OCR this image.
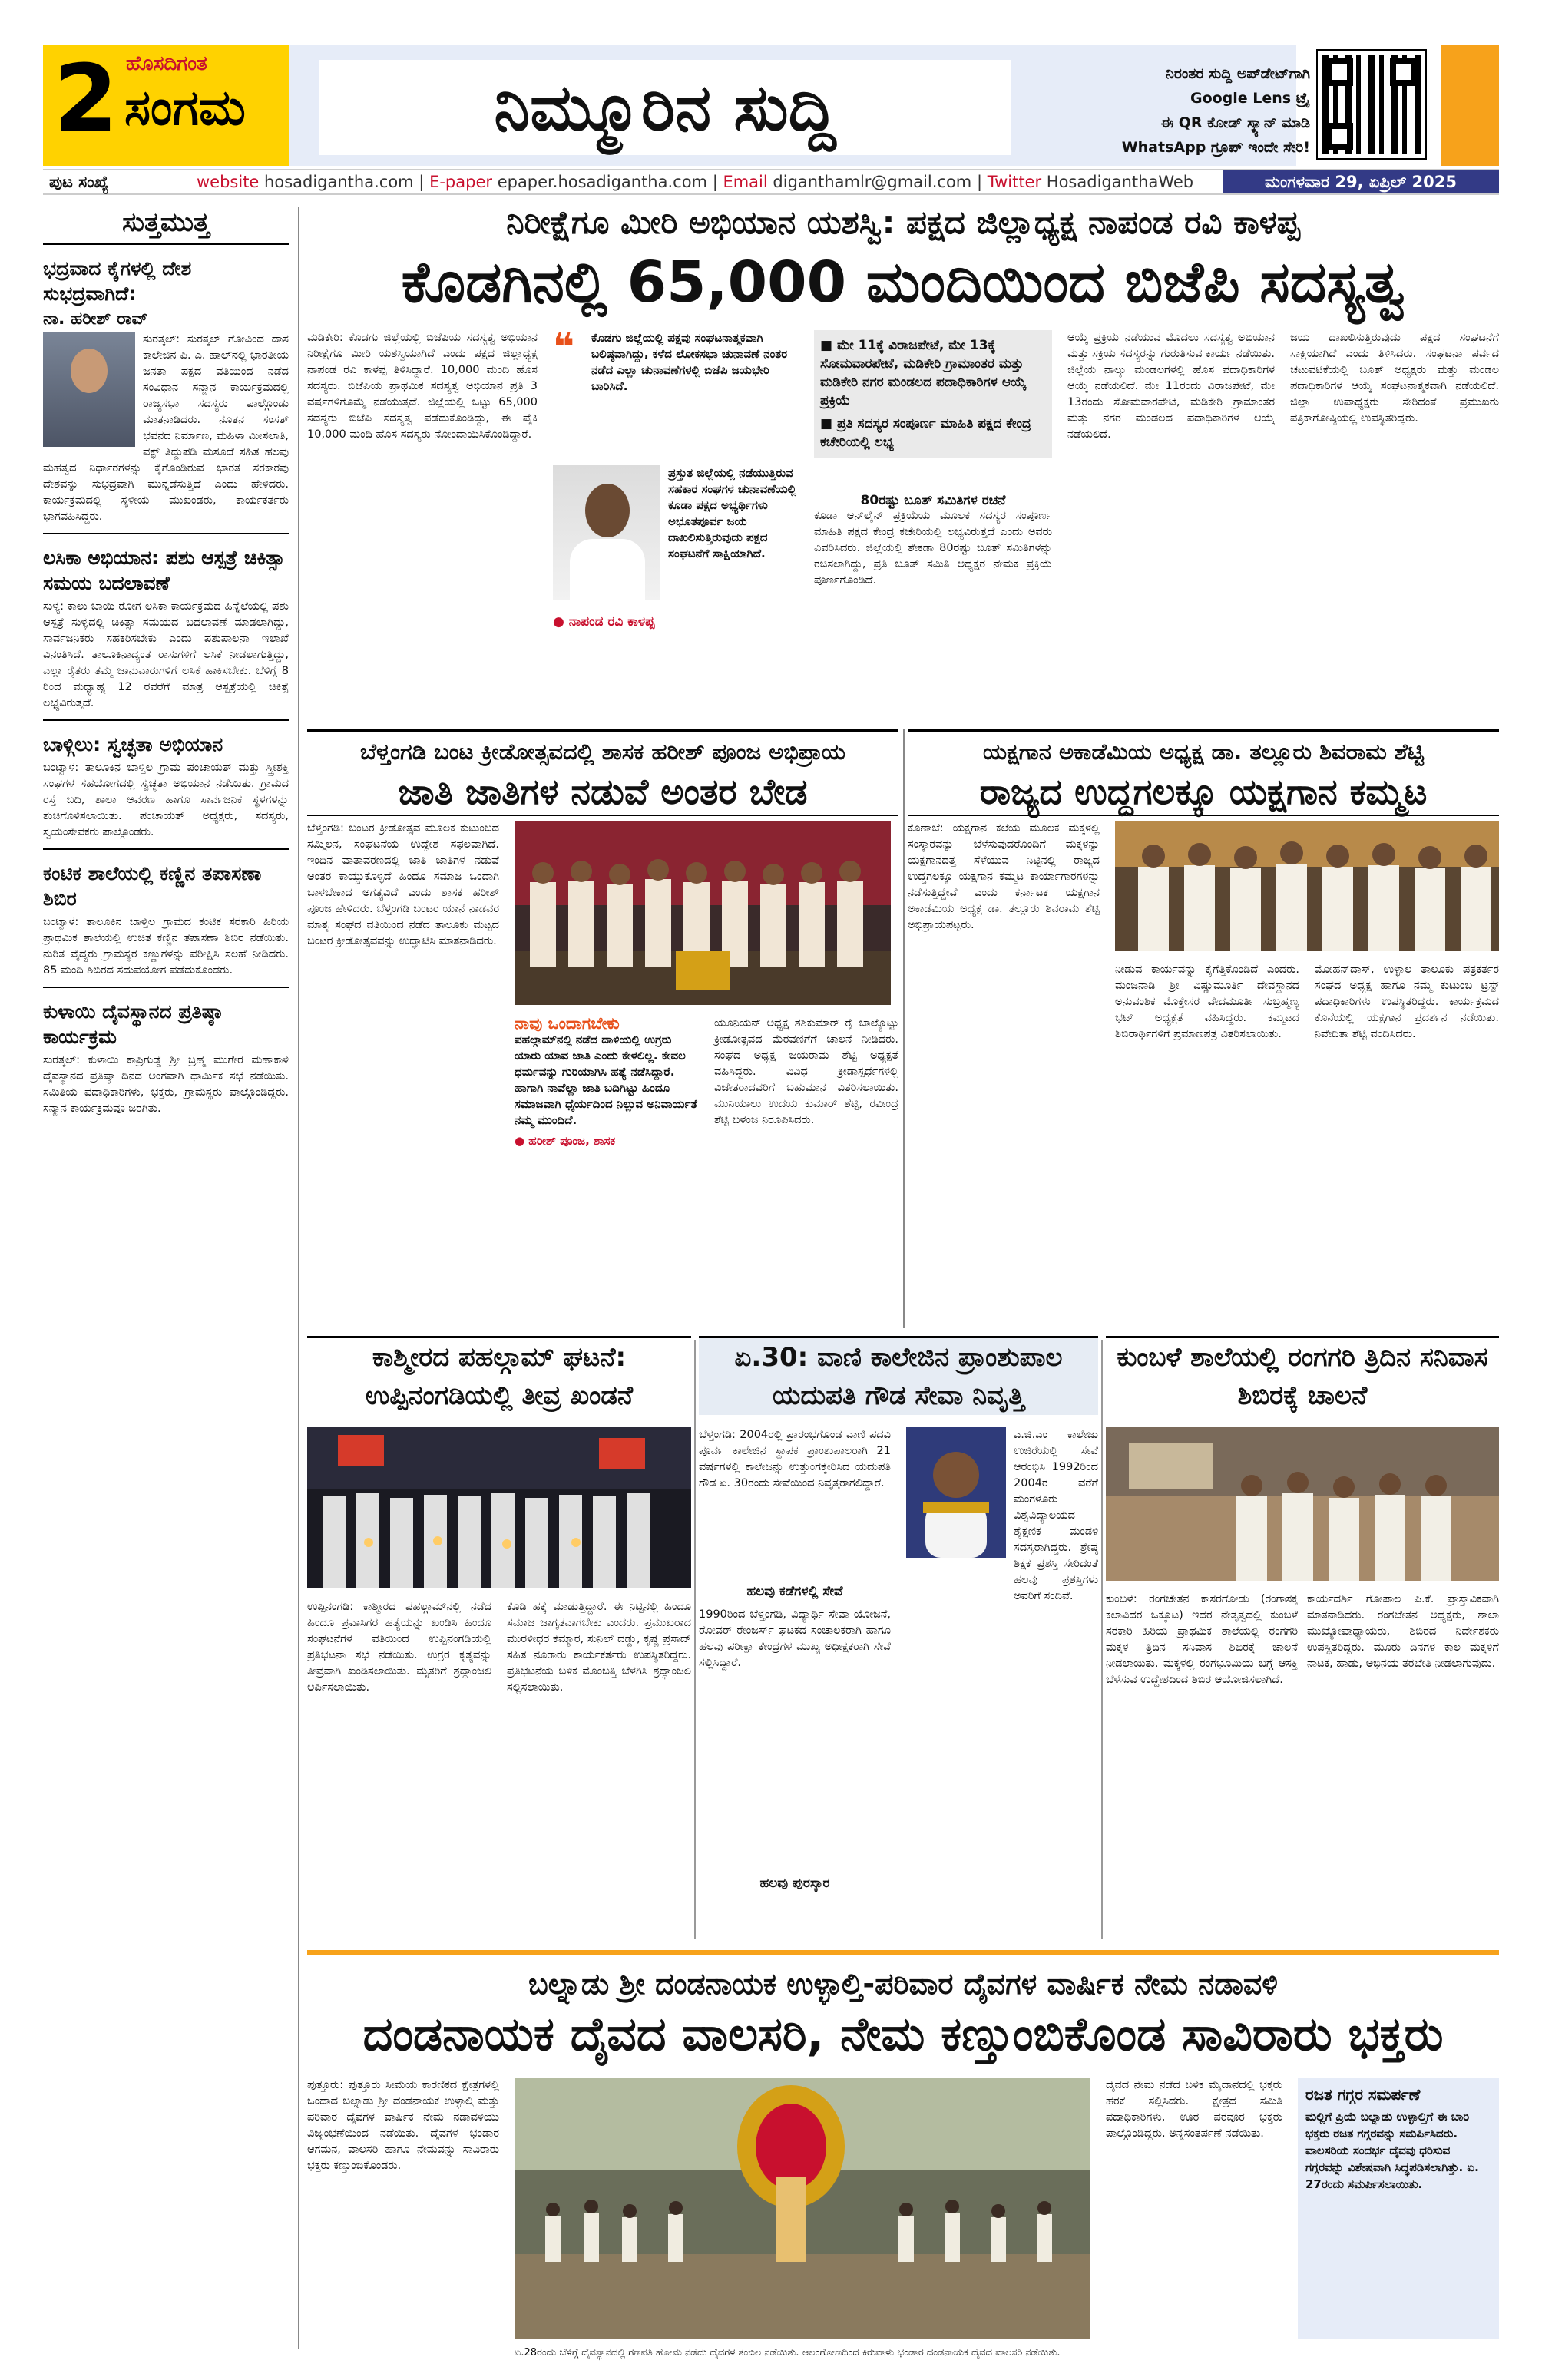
2 ಹೊಸದಿಗಂತ
ಸಂಗಮ	ನಿಮ್ಮೂರಿನ ಸುದ್ದಿ	ನಿರಂತರ ಸುದ್ದಿ ಅಪ್‌ಡೇಟ್‌ಗಾಗಿ
Google Lens ಟ್ರೈ
ಈ QR ಕೋಡ್ ಸ್ಕ್ಯಾನ್ ಮಾಡಿ
WhatsApp ಗ್ರೂಪ್ ಇಂದೇ ಸೇರಿ!
ಪುಟ ಸಂಖ್ಯೆ	website hosadigantha.com | E-paper epaper.hosadigantha.com | Email diganthamlr@gmail.com | Twitter HosadiganthaWeb	ಮಂಗಳವಾರ 29, ಏಪ್ರಿಲ್ 2025
ಸುತ್ತಮುತ್ತ
ಭದ್ರವಾದ ಕೈಗಳಲ್ಲಿ ದೇಶ ಸುಭದ್ರವಾಗಿದೆ:
ನಾ. ಹರೀಶ್ ರಾವ್

ಸುರತ್ಕಲ್: ಸುರತ್ಕಲ್ ಗೋವಿಂದ ದಾಸ ಕಾಲೇಜಿನ ಪಿ. ಎ. ಹಾಲ್‌ನಲ್ಲಿ ಭಾರತೀಯ ಜನತಾ ಪಕ್ಷದ ವತಿಯಿಂದ ನಡೆದ ಸಂವಿಧಾನ ಸನ್ಮಾನ ಕಾರ್ಯಕ್ರಮದಲ್ಲಿ ರಾಜ್ಯಸಭಾ ಸದಸ್ಯರು ಪಾಲ್ಗೊಂಡು ಮಾತನಾಡಿದರು. ನೂತನ ಸಂಸತ್ ಭವನದ ನಿರ್ಮಾಣ, ಮಹಿಳಾ ಮೀಸಲಾತಿ, ವಕ್ಫ್ ತಿದ್ದುಪಡಿ ಮಸೂದೆ ಸಹಿತ ಹಲವು ಮಹತ್ವದ ನಿರ್ಧಾರಗಳನ್ನು ಕೈಗೊಂಡಿರುವ ಭಾರತ ಸರಕಾರವು ದೇಶವನ್ನು ಸುಭದ್ರವಾಗಿ ಮುನ್ನಡೆಸುತ್ತಿದೆ ಎಂದು ಹೇಳಿದರು. ಕಾರ್ಯಕ್ರಮದಲ್ಲಿ ಸ್ಥಳೀಯ ಮುಖಂಡರು, ಕಾರ್ಯಕರ್ತರು ಭಾಗವಹಿಸಿದ್ದರು.

ಲಸಿಕಾ ಅಭಿಯಾನ: ಪಶು ಆಸ್ಪತ್ರೆ ಚಿಕಿತ್ಸಾ ಸಮಯ ಬದಲಾವಣೆ

ಸುಳ್ಯ: ಕಾಲು ಬಾಯಿ ರೋಗ ಲಸಿಕಾ ಕಾರ್ಯಕ್ರಮದ ಹಿನ್ನೆಲೆಯಲ್ಲಿ ಪಶು ಆಸ್ಪತ್ರೆ ಸುಳ್ಯದಲ್ಲಿ ಚಿಕಿತ್ಸಾ ಸಮಯದ ಬದಲಾವಣೆ ಮಾಡಲಾಗಿದ್ದು, ಸಾರ್ವಜನಿಕರು ಸಹಕರಿಸಬೇಕು ಎಂದು ಪಶುಪಾಲನಾ ಇಲಾಖೆ ವಿನಂತಿಸಿದೆ. ತಾಲೂಕಿನಾದ್ಯಂತ ರಾಸುಗಳಿಗೆ ಲಸಿಕೆ ನೀಡಲಾಗುತ್ತಿದ್ದು, ಎಲ್ಲಾ ರೈತರು ತಮ್ಮ ಜಾನುವಾರುಗಳಿಗೆ ಲಸಿಕೆ ಹಾಕಿಸಬೇಕು. ಬೆಳಿಗ್ಗೆ 8 ರಿಂದ ಮಧ್ಯಾಹ್ನ 12 ರವರೆಗೆ ಮಾತ್ರ ಆಸ್ಪತ್ರೆಯಲ್ಲಿ ಚಿಕಿತ್ಸೆ ಲಭ್ಯವಿರುತ್ತದೆ.

ಬಾಳ್ಗಿಲು: ಸ್ವಚ್ಛತಾ ಅಭಿಯಾನ

ಬಂಟ್ವಾಳ: ತಾಲೂಕಿನ ಬಾಳ್ತಿಲ ಗ್ರಾಮ ಪಂಚಾಯತ್ ಮತ್ತು ಸ್ತ್ರೀಶಕ್ತಿ ಸಂಘಗಳ ಸಹಯೋಗದಲ್ಲಿ ಸ್ವಚ್ಛತಾ ಅಭಿಯಾನ ನಡೆಯಿತು. ಗ್ರಾಮದ ರಸ್ತೆ ಬದಿ, ಶಾಲಾ ಆವರಣ ಹಾಗೂ ಸಾರ್ವಜನಿಕ ಸ್ಥಳಗಳನ್ನು ಶುಚಿಗೊಳಿಸಲಾಯಿತು. ಪಂಚಾಯತ್ ಅಧ್ಯಕ್ಷರು, ಸದಸ್ಯರು, ಸ್ವಯಂಸೇವಕರು ಪಾಲ್ಗೊಂಡರು.

ಕಂಟಿಕ ಶಾಲೆಯಲ್ಲಿ ಕಣ್ಣಿನ ತಪಾಸಣಾ ಶಿಬಿರ

ಬಂಟ್ವಾಳ: ತಾಲೂಕಿನ ಬಾಳ್ತಿಲ ಗ್ರಾಮದ ಕಂಟಿಕ ಸರಕಾರಿ ಹಿರಿಯ ಪ್ರಾಥಮಿಕ ಶಾಲೆಯಲ್ಲಿ ಉಚಿತ ಕಣ್ಣಿನ ತಪಾಸಣಾ ಶಿಬಿರ ನಡೆಯಿತು. ನುರಿತ ವೈದ್ಯರು ಗ್ರಾಮಸ್ಥರ ಕಣ್ಣುಗಳನ್ನು ಪರೀಕ್ಷಿಸಿ ಸಲಹೆ ನೀಡಿದರು. 85 ಮಂದಿ ಶಿಬಿರದ ಸದುಪಯೋಗ ಪಡೆದುಕೊಂಡರು.

ಕುಳಾಯಿ ದೈವಸ್ಥಾನದ ಪ್ರತಿಷ್ಠಾ ಕಾರ್ಯಕ್ರಮ

ಸುರತ್ಕಲ್: ಕುಳಾಯಿ ಕಾಪ್ರಿಗುಡ್ಡೆ ಶ್ರೀ ಬ್ರಹ್ಮ ಮುಗೇರ ಮಹಾಕಾಳಿ ದೈವಸ್ಥಾನದ ಪ್ರತಿಷ್ಠಾ ದಿನದ ಅಂಗವಾಗಿ ಧಾರ್ಮಿಕ ಸಭೆ ನಡೆಯಿತು. ಸಮಿತಿಯ ಪದಾಧಿಕಾರಿಗಳು, ಭಕ್ತರು, ಗ್ರಾಮಸ್ಥರು ಪಾಲ್ಗೊಂಡಿದ್ದರು. ಸನ್ಮಾನ ಕಾರ್ಯಕ್ರಮವೂ ಜರಗಿತು.

ನಿರೀಕ್ಷೆಗೂ ಮೀರಿ ಅಭಿಯಾನ ಯಶಸ್ವಿ: ಪಕ್ಷದ ಜಿಲ್ಲಾಧ್ಯಕ್ಷ ನಾಪಂಡ ರವಿ ಕಾಳಪ್ಪ
ಕೊಡಗಿನಲ್ಲಿ 65,000 ಮಂದಿಯಿಂದ ಬಿಜೆಪಿ ಸದಸ್ಯತ್ವ
ಮಡಿಕೇರಿ: ಕೊಡಗು ಜಿಲ್ಲೆಯಲ್ಲಿ ಬಿಜೆಪಿಯ ಸದಸ್ಯತ್ವ ಅಭಿಯಾನ ನಿರೀಕ್ಷೆಗೂ ಮೀರಿ ಯಶಸ್ವಿಯಾಗಿದೆ ಎಂದು ಪಕ್ಷದ ಜಿಲ್ಲಾಧ್ಯಕ್ಷ ನಾಪಂಡ ರವಿ ಕಾಳಪ್ಪ ತಿಳಿಸಿದ್ದಾರೆ. 10,000 ಮಂದಿ ಹೊಸ ಸದಸ್ಯರು. ಬಿಜೆಪಿಯ ಪ್ರಾಥಮಿಕ ಸದಸ್ಯತ್ವ ಅಭಿಯಾನ ಪ್ರತಿ 3 ವರ್ಷಗಳಿಗೊಮ್ಮೆ ನಡೆಯುತ್ತದೆ. ಜಿಲ್ಲೆಯಲ್ಲಿ ಒಟ್ಟು 65,000 ಸದಸ್ಯರು ಬಿಜೆಪಿ ಸದಸ್ಯತ್ವ ಪಡೆದುಕೊಂಡಿದ್ದು, ಈ ಪೈಕಿ 10,000 ಮಂದಿ ಹೊಸ ಸದಸ್ಯರು ನೋಂದಾಯಿಸಿಕೊಂಡಿದ್ದಾರೆ.
❝ ಕೊಡಗು ಜಿಲ್ಲೆಯಲ್ಲಿ ಪಕ್ಷವು ಸಂಘಟನಾತ್ಮಕವಾಗಿ ಬಲಿಷ್ಠವಾಗಿದ್ದು, ಕಳೆದ ಲೋಕಸಭಾ ಚುನಾವಣೆ ನಂತರ ನಡೆದ ಎಲ್ಲಾ ಚುನಾವಣೆಗಳಲ್ಲಿ ಬಿಜೆಪಿ ಜಯಭೇರಿ ಬಾರಿಸಿದೆ.
ಪ್ರಸ್ತುತ ಜಿಲ್ಲೆಯಲ್ಲಿ ನಡೆಯುತ್ತಿರುವ ಸಹಕಾರ ಸಂಘಗಳ ಚುನಾವಣೆಯಲ್ಲಿ ಕೂಡಾ ಪಕ್ಷದ ಅಭ್ಯರ್ಥಿಗಳು ಅಭೂತಪೂರ್ವ ಜಯ ದಾಖಲಿಸುತ್ತಿರುವುದು ಪಕ್ಷದ ಸಂಘಟನೆಗೆ ಸಾಕ್ಷಿಯಾಗಿದೆ.
● ನಾಪಂಡ ರವಿ ಕಾಳಪ್ಪ
■ ಮೇ 11ಕ್ಕೆ ವಿರಾಜಪೇಟೆ, ಮೇ 13ಕ್ಕೆ ಸೋಮವಾರಪೇಟೆ, ಮಡಿಕೇರಿ ಗ್ರಾಮಾಂತರ ಮತ್ತು ಮಡಿಕೇರಿ ನಗರ ಮಂಡಲದ ಪದಾಧಿಕಾರಿಗಳ ಆಯ್ಕೆ ಪ್ರಕ್ರಿಯೆ
■ ಪ್ರತಿ ಸದಸ್ಯರ ಸಂಪೂರ್ಣ ಮಾಹಿತಿ ಪಕ್ಷದ ಕೇಂದ್ರ ಕಚೇರಿಯಲ್ಲಿ ಲಭ್ಯ
80ರಷ್ಟು ಬೂತ್ ಸಮಿತಿಗಳ ರಚನೆ
ಕೂಡಾ ಆನ್‌ಲೈನ್ ಪ್ರಕ್ರಿಯೆಯ ಮೂಲಕ ಸದಸ್ಯರ ಸಂಪೂರ್ಣ ಮಾಹಿತಿ ಪಕ್ಷದ ಕೇಂದ್ರ ಕಚೇರಿಯಲ್ಲಿ ಲಭ್ಯವಿರುತ್ತದೆ ಎಂದು ಅವರು ವಿವರಿಸಿದರು. ಜಿಲ್ಲೆಯಲ್ಲಿ ಶೇಕಡಾ 80ರಷ್ಟು ಬೂತ್ ಸಮಿತಿಗಳನ್ನು ರಚಿಸಲಾಗಿದ್ದು, ಪ್ರತಿ ಬೂತ್ ಸಮಿತಿ ಅಧ್ಯಕ್ಷರ ನೇಮಕ ಪ್ರಕ್ರಿಯೆ ಪೂರ್ಣಗೊಂಡಿದೆ.
ಆಯ್ಕೆ ಪ್ರಕ್ರಿಯೆ ನಡೆಯುವ ಮೊದಲು ಸದಸ್ಯತ್ವ ಅಭಿಯಾನ ಮತ್ತು ಸಕ್ರಿಯ ಸದಸ್ಯರನ್ನು ಗುರುತಿಸುವ ಕಾರ್ಯ ನಡೆಯಿತು. ಜಿಲ್ಲೆಯ ನಾಲ್ಕು ಮಂಡಲಗಳಲ್ಲಿ ಹೊಸ ಪದಾಧಿಕಾರಿಗಳ ಆಯ್ಕೆ ನಡೆಯಲಿದೆ. ಮೇ 11ರಂದು ವಿರಾಜಪೇಟೆ, ಮೇ 13ರಂದು ಸೋಮವಾರಪೇಟೆ, ಮಡಿಕೇರಿ ಗ್ರಾಮಾಂತರ ಮತ್ತು ನಗರ ಮಂಡಲದ ಪದಾಧಿಕಾರಿಗಳ ಆಯ್ಕೆ ನಡೆಯಲಿದೆ.
ಜಯ ದಾಖಲಿಸುತ್ತಿರುವುದು ಪಕ್ಷದ ಸಂಘಟನೆಗೆ ಸಾಕ್ಷಿಯಾಗಿದೆ ಎಂದು ತಿಳಿಸಿದರು. ಸಂಘಟನಾ ಪರ್ವದ ಚಟುವಟಿಕೆಯಲ್ಲಿ ಬೂತ್ ಅಧ್ಯಕ್ಷರು ಮತ್ತು ಮಂಡಲ ಪದಾಧಿಕಾರಿಗಳ ಆಯ್ಕೆ ಸಂಘಟನಾತ್ಮಕವಾಗಿ ನಡೆಯಲಿದೆ. ಜಿಲ್ಲಾ ಉಪಾಧ್ಯಕ್ಷರು ಸೇರಿದಂತೆ ಪ್ರಮುಖರು ಪತ್ರಿಕಾಗೋಷ್ಠಿಯಲ್ಲಿ ಉಪಸ್ಥಿತರಿದ್ದರು.
ಬೆಳ್ತಂಗಡಿ ಬಂಟ ಕ್ರೀಡೋತ್ಸವದಲ್ಲಿ ಶಾಸಕ ಹರೀಶ್ ಪೂಂಜ ಅಭಿಪ್ರಾಯ
ಜಾತಿ ಜಾತಿಗಳ ನಡುವೆ ಅಂತರ ಬೇಡ
ಬೆಳ್ತಂಗಡಿ: ಬಂಟರ ಕ್ರೀಡೋತ್ಸವ ಮೂಲಕ ಕುಟುಂಬದ ಸಮ್ಮಿಲನ, ಸಂಘಟನೆಯ ಉದ್ದೇಶ ಸಫಲವಾಗಿದೆ. ಇಂದಿನ ವಾತಾವರಣದಲ್ಲಿ ಜಾತಿ ಜಾತಿಗಳ ನಡುವೆ ಅಂತರ ಕಾಯ್ದುಕೊಳ್ಳದೆ ಹಿಂದೂ ಸಮಾಜ ಒಂದಾಗಿ ಬಾಳಬೇಕಾದ ಅಗತ್ಯವಿದೆ ಎಂದು ಶಾಸಕ ಹರೀಶ್ ಪೂಂಜ ಹೇಳಿದರು. ಬೆಳ್ತಂಗಡಿ ಬಂಟರ ಯಾನೆ ನಾಡವರ ಮಾತೃ ಸಂಘದ ವತಿಯಿಂದ ನಡೆದ ತಾಲೂಕು ಮಟ್ಟದ ಬಂಟರ ಕ್ರೀಡೋತ್ಸವವನ್ನು ಉದ್ಘಾಟಿಸಿ ಮಾತನಾಡಿದರು.
ನಾವು ಒಂದಾಗಬೇಕು
ಪಹಲ್ಗಾಮ್‌ನಲ್ಲಿ ನಡೆದ ದಾಳಿಯಲ್ಲಿ ಉಗ್ರರು ಯಾರು ಯಾವ ಜಾತಿ ಎಂದು ಕೇಳಲಿಲ್ಲ. ಕೇವಲ ಧರ್ಮವನ್ನು ಗುರಿಯಾಗಿಸಿ ಹತ್ಯೆ ನಡೆಸಿದ್ದಾರೆ. ಹಾಗಾಗಿ ನಾವೆಲ್ಲಾ ಜಾತಿ ಬದಿಗಿಟ್ಟು ಹಿಂದೂ ಸಮಾಜವಾಗಿ ಧೈರ್ಯದಿಂದ ನಿಲ್ಲುವ ಅನಿವಾರ್ಯತೆ ನಮ್ಮ ಮುಂದಿದೆ.
● ಹರೀಶ್ ಪೂಂಜ, ಶಾಸಕ
ಯೂನಿಯನ್ ಅಧ್ಯಕ್ಷ ಶಶಿಕುಮಾರ್ ರೈ ಬಾಲ್ಯೊಟ್ಟು ಕ್ರೀಡೋತ್ಸವದ ಮೆರವಣಿಗೆಗೆ ಚಾಲನೆ ನೀಡಿದರು. ಸಂಘದ ಅಧ್ಯಕ್ಷ ಜಯರಾಮ ಶೆಟ್ಟಿ ಅಧ್ಯಕ್ಷತೆ ವಹಿಸಿದ್ದರು. ವಿವಿಧ ಕ್ರೀಡಾಸ್ಪರ್ಧೆಗಳಲ್ಲಿ ವಿಜೇತರಾದವರಿಗೆ ಬಹುಮಾನ ವಿತರಿಸಲಾಯಿತು. ಮುನಿಯಾಲು ಉದಯ ಕುಮಾರ್ ಶೆಟ್ಟಿ, ರವೀಂದ್ರ ಶೆಟ್ಟಿ ಬಳಂಜ ನಿರೂಪಿಸಿದರು.
ಯಕ್ಷಗಾನ ಅಕಾಡೆಮಿಯ ಅಧ್ಯಕ್ಷ ಡಾ. ತಲ್ಲೂರು ಶಿವರಾಮ ಶೆಟ್ಟಿ
ರಾಜ್ಯದ ಉದ್ದಗಲಕ್ಕೂ ಯಕ್ಷಗಾನ ಕಮ್ಮಟ
ಕೊಣಾಜೆ: ಯಕ್ಷಗಾನ ಕಲೆಯ ಮೂಲಕ ಮಕ್ಕಳಲ್ಲಿ ಸಂಸ್ಕಾರವನ್ನು ಬೆಳೆಸುವುದರೊಂದಿಗೆ ಮಕ್ಕಳನ್ನು ಯಕ್ಷಗಾನದತ್ತ ಸೆಳೆಯುವ ನಿಟ್ಟಿನಲ್ಲಿ ರಾಜ್ಯದ ಉದ್ದಗಲಕ್ಕೂ ಯಕ್ಷಗಾನ ಕಮ್ಮಟ ಕಾರ್ಯಾಗಾರಗಳನ್ನು ನಡೆಸುತ್ತಿದ್ದೇವೆ ಎಂದು ಕರ್ನಾಟಕ ಯಕ್ಷಗಾನ ಅಕಾಡೆಮಿಯ ಅಧ್ಯಕ್ಷ ಡಾ. ತಲ್ಲೂರು ಶಿವರಾಮ ಶೆಟ್ಟಿ ಅಭಿಪ್ರಾಯಪಟ್ಟರು.
ನೀಡುವ ಕಾರ್ಯವನ್ನು ಕೈಗೆತ್ತಿಕೊಂಡಿದೆ ಎಂದರು. ಮಂಜನಾಡಿ ಶ್ರೀ ವಿಷ್ಣುಮೂರ್ತಿ ದೇವಸ್ಥಾನದ ಅನುವಂಶಿಕ ಮೊಕ್ತೇಸರ ವೇದಮೂರ್ತಿ ಸುಬ್ರಹ್ಮಣ್ಯ ಭಟ್ ಅಧ್ಯಕ್ಷತೆ ವಹಿಸಿದ್ದರು. ಕಮ್ಮಟದ ಶಿಬಿರಾರ್ಥಿಗಳಿಗೆ ಪ್ರಮಾಣಪತ್ರ ವಿತರಿಸಲಾಯಿತು.
ಮೋಹನ್‌ದಾಸ್, ಉಳ್ಳಾಲ ತಾಲೂಕು ಪತ್ರಕರ್ತರ ಸಂಘದ ಅಧ್ಯಕ್ಷ ಹಾಗೂ ನಮ್ಮ ಕುಟುಂಬ ಟ್ರಸ್ಟ್ ಪದಾಧಿಕಾರಿಗಳು ಉಪಸ್ಥಿತರಿದ್ದರು. ಕಾರ್ಯಕ್ರಮದ ಕೊನೆಯಲ್ಲಿ ಯಕ್ಷಗಾನ ಪ್ರದರ್ಶನ ನಡೆಯಿತು. ನಿವೇದಿತಾ ಶೆಟ್ಟಿ ವಂದಿಸಿದರು.
ಕಾಶ್ಮೀರದ ಪಹಲ್ಗಾಮ್ ಘಟನೆ: ಉಪ್ಪಿನಂಗಡಿಯಲ್ಲಿ ತೀವ್ರ ಖಂಡನೆ
ಉಪ್ಪಿನಂಗಡಿ: ಕಾಶ್ಮೀರದ ಪಹಲ್ಗಾಮ್‌ನಲ್ಲಿ ನಡೆದ ಹಿಂದೂ ಪ್ರವಾಸಿಗರ ಹತ್ಯೆಯನ್ನು ಖಂಡಿಸಿ ಹಿಂದೂ ಸಂಘಟನೆಗಳ ವತಿಯಿಂದ ಉಪ್ಪಿನಂಗಡಿಯಲ್ಲಿ ಪ್ರತಿಭಟನಾ ಸಭೆ ನಡೆಯಿತು. ಉಗ್ರರ ಕೃತ್ಯವನ್ನು ತೀವ್ರವಾಗಿ ಖಂಡಿಸಲಾಯಿತು. ಮೃತರಿಗೆ ಶ್ರದ್ಧಾಂಜಲಿ ಅರ್ಪಿಸಲಾಯಿತು.
ಕೊಡಿ ಹಕ್ಕೆ ಮಾಡುತ್ತಿದ್ದಾರೆ. ಈ ನಿಟ್ಟಿನಲ್ಲಿ ಹಿಂದೂ ಸಮಾಜ ಜಾಗೃತವಾಗಬೇಕು ಎಂದರು. ಪ್ರಮುಖರಾದ ಮುರಳೀಧರ ಕೆಮ್ಮಾರ, ಸುನಿಲ್ ದಡ್ಡು, ಕೃಷ್ಣ ಪ್ರಸಾದ್ ಸಹಿತ ನೂರಾರು ಕಾರ್ಯಕರ್ತರು ಉಪಸ್ಥಿತರಿದ್ದರು. ಪ್ರತಿಭಟನೆಯ ಬಳಿಕ ಮೊಂಬತ್ತಿ ಬೆಳಗಿಸಿ ಶ್ರದ್ಧಾಂಜಲಿ ಸಲ್ಲಿಸಲಾಯಿತು.
ಏ.30: ವಾಣಿ ಕಾಲೇಜಿನ ಪ್ರಾಂಶುಪಾಲ ಯದುಪತಿ ಗೌಡ ಸೇವಾ ನಿವೃತ್ತಿ
ಬೆಳ್ತಂಗಡಿ: 2004ರಲ್ಲಿ ಪ್ರಾರಂಭಗೊಂಡ ವಾಣಿ ಪದವಿ ಪೂರ್ವ ಕಾಲೇಜಿನ ಸ್ಥಾಪಕ ಪ್ರಾಂಶುಪಾಲರಾಗಿ 21 ವರ್ಷಗಳಲ್ಲಿ ಕಾಲೇಜನ್ನು ಉತ್ತುಂಗಕ್ಕೇರಿಸಿದ ಯದುಪತಿ ಗೌಡ ಏ. 30ರಂದು ಸೇವೆಯಿಂದ ನಿವೃತ್ತರಾಗಲಿದ್ದಾರೆ.
ಹಲವು ಕಡೆಗಳಲ್ಲಿ ಸೇವೆ
1990ರಿಂದ ಬೆಳ್ತಂಗಡಿ, ವಿದ್ಯಾರ್ಥಿ ಸೇವಾ ಯೋಜನೆ, ರೋವರ್ ರೇಂಜರ್ಸ್ ಘಟಕದ ಸಂಚಾಲಕರಾಗಿ ಹಾಗೂ ಹಲವು ಪರೀಕ್ಷಾ ಕೇಂದ್ರಗಳ ಮುಖ್ಯ ಅಧೀಕ್ಷಕರಾಗಿ ಸೇವೆ ಸಲ್ಲಿಸಿದ್ದಾರೆ.
ಎ.ಜಿ.ಎಂ ಕಾಲೇಜು ಉಜಿರೆಯಲ್ಲಿ ಸೇವೆ ಆರಂಭಿಸಿ 1992ರಿಂದ 2004ರ ವರೆಗೆ ಮಂಗಳೂರು ವಿಶ್ವವಿದ್ಯಾಲಯದ ಶೈಕ್ಷಣಿಕ ಮಂಡಳಿ ಸದಸ್ಯರಾಗಿದ್ದರು. ಶ್ರೇಷ್ಠ ಶಿಕ್ಷಕ ಪ್ರಶಸ್ತಿ ಸೇರಿದಂತೆ ಹಲವು ಪ್ರಶಸ್ತಿಗಳು ಅವರಿಗೆ ಸಂದಿವೆ.
ಹಲವು ಪುರಸ್ಕಾರ
ಕುಂಬಳೆ ಶಾಲೆಯಲ್ಲಿ ರಂಗಗರಿ ತ್ರಿದಿನ ಸನಿವಾಸ ಶಿಬಿರಕ್ಕೆ ಚಾಲನೆ
ಕುಂಬಳೆ: ರಂಗಚೇತನ ಕಾಸರಗೋಡು (ರಂಗಾಸಕ್ತ ಕಲಾವಿದರ ಒಕ್ಕೂಟ) ಇದರ ನೇತೃತ್ವದಲ್ಲಿ ಕುಂಬಳೆ ಸರಕಾರಿ ಹಿರಿಯ ಪ್ರಾಥಮಿಕ ಶಾಲೆಯಲ್ಲಿ ರಂಗಗರಿ ಮಕ್ಕಳ ತ್ರಿದಿನ ಸನಿವಾಸ ಶಿಬಿರಕ್ಕೆ ಚಾಲನೆ ನೀಡಲಾಯಿತು. ಮಕ್ಕಳಲ್ಲಿ ರಂಗಭೂಮಿಯ ಬಗ್ಗೆ ಆಸಕ್ತಿ ಬೆಳೆಸುವ ಉದ್ದೇಶದಿಂದ ಶಿಬಿರ ಆಯೋಜಿಸಲಾಗಿದೆ.
ಕಾರ್ಯದರ್ಶಿ ಗೋಪಾಲ ಪಿ.ಕೆ. ಪ್ರಾಸ್ತಾವಿಕವಾಗಿ ಮಾತನಾಡಿದರು. ರಂಗಚೇತನ ಅಧ್ಯಕ್ಷರು, ಶಾಲಾ ಮುಖ್ಯೋಪಾಧ್ಯಾಯರು, ಶಿಬಿರದ ನಿರ್ದೇಶಕರು ಉಪಸ್ಥಿತರಿದ್ದರು. ಮೂರು ದಿನಗಳ ಕಾಲ ಮಕ್ಕಳಿಗೆ ನಾಟಕ, ಹಾಡು, ಅಭಿನಯ ತರಬೇತಿ ನೀಡಲಾಗುವುದು.
ಬಲ್ನಾಡು ಶ್ರೀ ದಂಡನಾಯಕ ಉಳ್ಳಾಲ್ತಿ-ಪರಿವಾರ ದೈವಗಳ ವಾರ್ಷಿಕ ನೇಮ ನಡಾವಳಿ
ದಂಡನಾಯಕ ದೈವದ ವಾಲಸರಿ, ನೇಮ ಕಣ್ತುಂಬಿಕೊಂಡ ಸಾವಿರಾರು ಭಕ್ತರು
ಪುತ್ತೂರು: ಪುತ್ತೂರು ಸೀಮೆಯ ಕಾರಣಿಕದ ಕ್ಷೇತ್ರಗಳಲ್ಲಿ ಒಂದಾದ ಬಲ್ನಾಡು ಶ್ರೀ ದಂಡನಾಯಕ ಉಳ್ಳಾಲ್ತಿ ಮತ್ತು ಪರಿವಾರ ದೈವಗಳ ವಾರ್ಷಿಕ ನೇಮ ನಡಾವಳಿಯು ವಿಜೃಂಭಣೆಯಿಂದ ನಡೆಯಿತು. ದೈವಗಳ ಭಂಡಾರ ಆಗಮನ, ವಾಲಸರಿ ಹಾಗೂ ನೇಮವನ್ನು ಸಾವಿರಾರು ಭಕ್ತರು ಕಣ್ತುಂಬಿಕೊಂಡರು.
ಏ.28ರಂದು ಬೆಳಿಗ್ಗೆ ದೈವಸ್ಥಾನದಲ್ಲಿ ಗಣಪತಿ ಹೋಮ ನಡೆದು ದೈವಗಳ ತಂಬಿಲ ನಡೆಯಿತು. ಆಲಂಗೋಣದಿಂದ ಕಿರುವಾಳು ಭಂಡಾರ ದಂಡನಾಯಕ ದೈವದ ವಾಲಸರಿ ನಡೆಯಿತು.
ದೈವದ ನೇಮ ನಡೆದ ಬಳಿಕ ಮೈದಾನದಲ್ಲಿ ಭಕ್ತರು ಹರಕೆ ಸಲ್ಲಿಸಿದರು. ಕ್ಷೇತ್ರದ ಸಮಿತಿ ಪದಾಧಿಕಾರಿಗಳು, ಊರ ಪರವೂರ ಭಕ್ತರು ಪಾಲ್ಗೊಂಡಿದ್ದರು. ಅನ್ನಸಂತರ್ಪಣೆ ನಡೆಯಿತು.
ರಜತ ಗಗ್ಗರ ಸಮರ್ಪಣೆ

ಮಲ್ಲಿಗೆ ಪ್ರಿಯೆ ಬಲ್ನಾಡು ಉಳ್ಳಾಲ್ತಿಗೆ ಈ ಬಾರಿ ಭಕ್ತರು ರಜತ ಗಗ್ಗರವನ್ನು ಸಮರ್ಪಿಸಿದರು. ವಾಲಸರಿಯ ಸಂದರ್ಭ ದೈವವು ಧರಿಸುವ ಗಗ್ಗರವನ್ನು ವಿಶೇಷವಾಗಿ ಸಿದ್ಧಪಡಿಸಲಾಗಿತ್ತು. ಏ. 27ರಂದು ಸಮರ್ಪಿಸಲಾಯಿತು.
